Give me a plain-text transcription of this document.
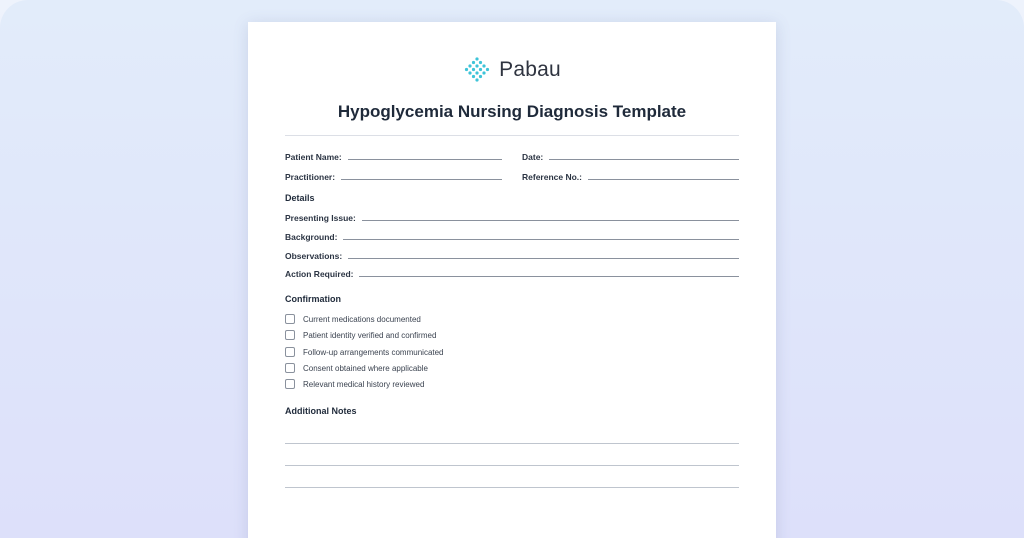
Pabau
Hypoglycemia Nursing Diagnosis Template
Patient Name:	Date:
Practitioner:	Reference No.:
Details
Presenting Issue:
Background:
Observations:
Action Required:
Confirmation
Current medications documented
Patient identity verified and confirmed
Follow-up arrangements communicated
Consent obtained where applicable
Relevant medical history reviewed
Additional Notes
